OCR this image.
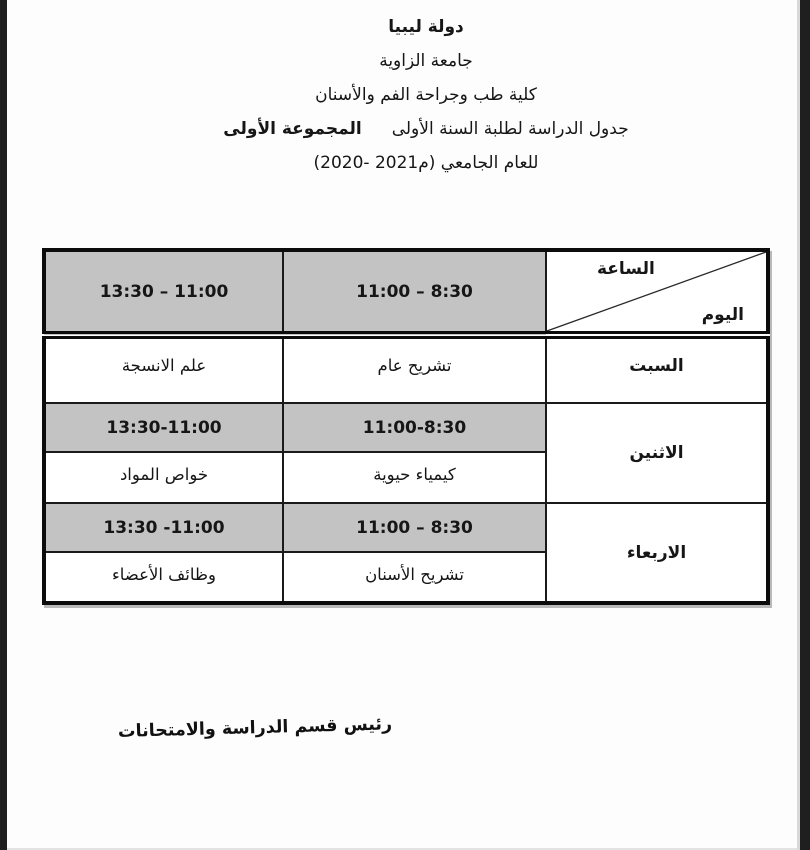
دولة ليبيا
جامعة الزاوية
كلية طب وجراحة الفم والأسنان
جدول الدراسة لطلبة السنة الأولى
المجموعة الأولى
للعام الجامعي (2020- 2021م)
الساعة
اليوم	11:00 – 8:30	13:30 – 11:00
السبت	تشريح عام	علم الانسجة
الاثنين	11:00-8:30	13:30-11:00
	كيمياء حيوية	خواص المواد
الاربعاء	11:00 – 8:30	13:30 -11:00
	تشريح الأسنان	وظائف الأعضاء
رئيس قسم الدراسة والامتحانات
